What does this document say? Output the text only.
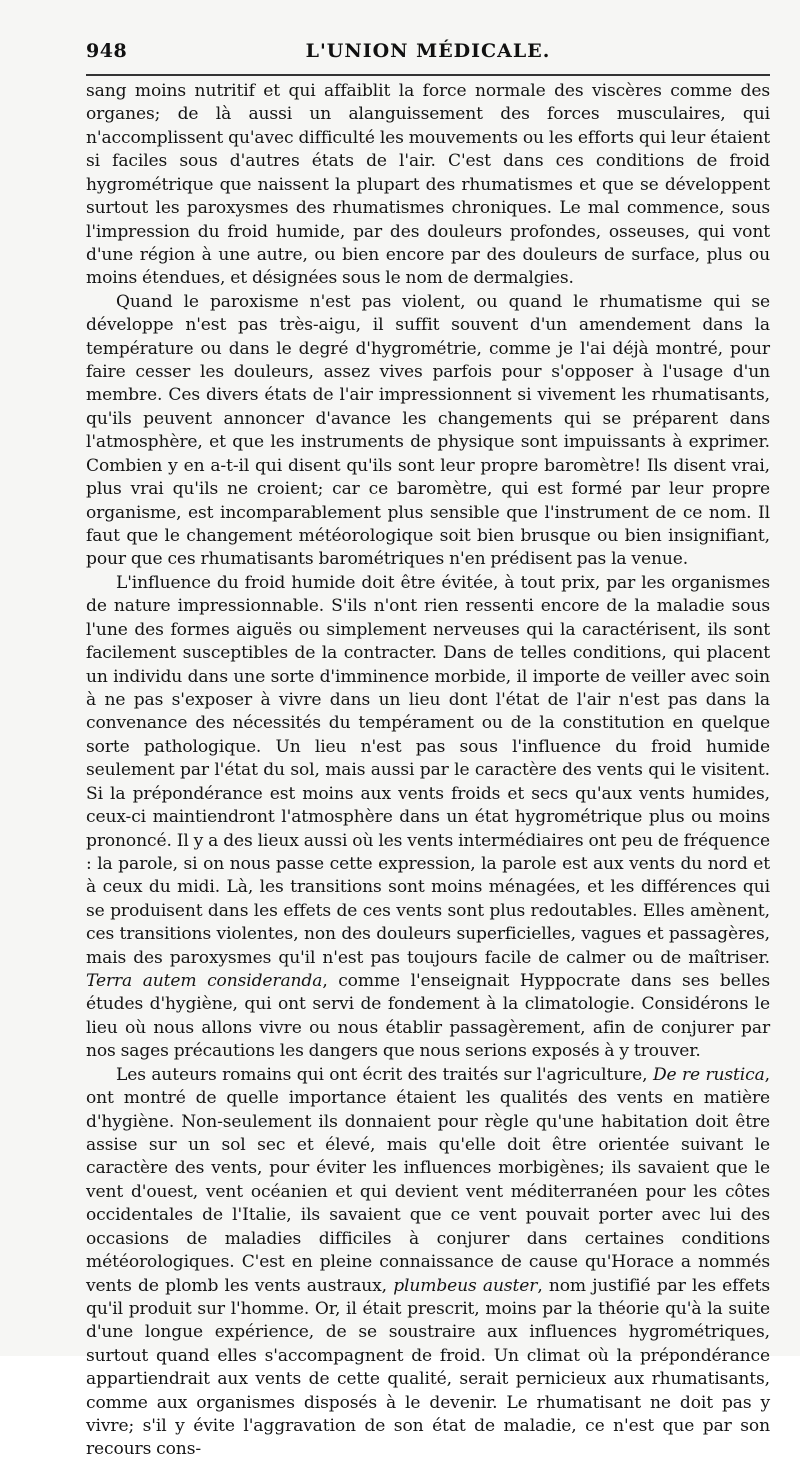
948	L'UNION MÉDICALE.

sang moins nutritif et qui affaiblit la force normale des viscères comme des organes; de là aussi un alanguissement des forces musculaires, qui n'accomplissent qu'avec difficulté les mouvements ou les efforts qui leur étaient si faciles sous d'autres états de l'air. C'est dans ces conditions de froid hygrométrique que naissent la plupart des rhumatismes et que se développent surtout les paroxysmes des rhumatismes chroniques. Le mal commence, sous l'impression du froid humide, par des douleurs profondes, osseuses, qui vont d'une région à une autre, ou bien encore par des douleurs de surface, plus ou moins étendues, et désignées sous le nom de dermalgies.

Quand le paroxisme n'est pas violent, ou quand le rhumatisme qui se développe n'est pas très-aigu, il suffit souvent d'un amendement dans la température ou dans le degré d'hygrométrie, comme je l'ai déjà montré, pour faire cesser les douleurs, assez vives parfois pour s'opposer à l'usage d'un membre. Ces divers états de l'air impressionnent si vivement les rhumatisants, qu'ils peuvent annoncer d'avance les changements qui se préparent dans l'atmosphère, et que les instruments de physique sont impuissants à exprimer. Combien y en a-t-il qui disent qu'ils sont leur propre baromètre! Ils disent vrai, plus vrai qu'ils ne croient; car ce baromètre, qui est formé par leur propre organisme, est incomparablement plus sensible que l'instrument de ce nom. Il faut que le changement météorologique soit bien brusque ou bien insignifiant, pour que ces rhumatisants barométriques n'en prédisent pas la venue.

L'influence du froid humide doit être évitée, à tout prix, par les organismes de nature impressionnable. S'ils n'ont rien ressenti encore de la maladie sous l'une des formes aiguës ou simplement nerveuses qui la caractérisent, ils sont facilement susceptibles de la contracter. Dans de telles conditions, qui placent un individu dans une sorte d'imminence morbide, il importe de veiller avec soin à ne pas s'exposer à vivre dans un lieu dont l'état de l'air n'est pas dans la convenance des nécessités du tempérament ou de la constitution en quelque sorte pathologique. Un lieu n'est pas sous l'influence du froid humide seulement par l'état du sol, mais aussi par le caractère des vents qui le visitent. Si la prépondérance est moins aux vents froids et secs qu'aux vents humides, ceux-ci maintiendront l'atmosphère dans un état hygrométrique plus ou moins prononcé. Il y a des lieux aussi où les vents intermédiaires ont peu de fréquence : la parole, si on nous passe cette expression, la parole est aux vents du nord et à ceux du midi. Là, les transitions sont moins ménagées, et les différences qui se produisent dans les effets de ces vents sont plus redoutables. Elles amènent, ces transitions violentes, non des douleurs superficielles, vagues et passagères, mais des paroxysmes qu'il n'est pas toujours facile de calmer ou de maîtriser. Terra autem consideranda, comme l'enseignait Hyppocrate dans ses belles études d'hygiène, qui ont servi de fondement à la climatologie. Considérons le lieu où nous allons vivre ou nous établir passagèrement, afin de conjurer par nos sages précautions les dangers que nous serions exposés à y trouver.

Les auteurs romains qui ont écrit des traités sur l'agriculture, De re rustica, ont montré de quelle importance étaient les qualités des vents en matière d'hygiène. Non-seulement ils donnaient pour règle qu'une habitation doit être assise sur un sol sec et élevé, mais qu'elle doit être orientée suivant le caractère des vents, pour éviter les influences morbigènes; ils savaient que le vent d'ouest, vent océanien et qui devient vent méditerranéen pour les côtes occidentales de l'Italie, ils savaient que ce vent pouvait porter avec lui des occasions de maladies difficiles à conjurer dans certaines conditions météorologiques. C'est en pleine connaissance de cause qu'Horace a nommés vents de plomb les vents austraux, plumbeus auster, nom justifié par les effets qu'il produit sur l'homme. Or, il était prescrit, moins par la théorie qu'à la suite d'une longue expérience, de se soustraire aux influences hygrométriques, surtout quand elles s'accompagnent de froid. Un climat où la prépondérance appartiendrait aux vents de cette qualité, serait pernicieux aux rhumatisants, comme aux organismes disposés à le devenir. Le rhumatisant ne doit pas y vivre; s'il y évite l'aggravation de son état de maladie, ce n'est que par son recours cons-
